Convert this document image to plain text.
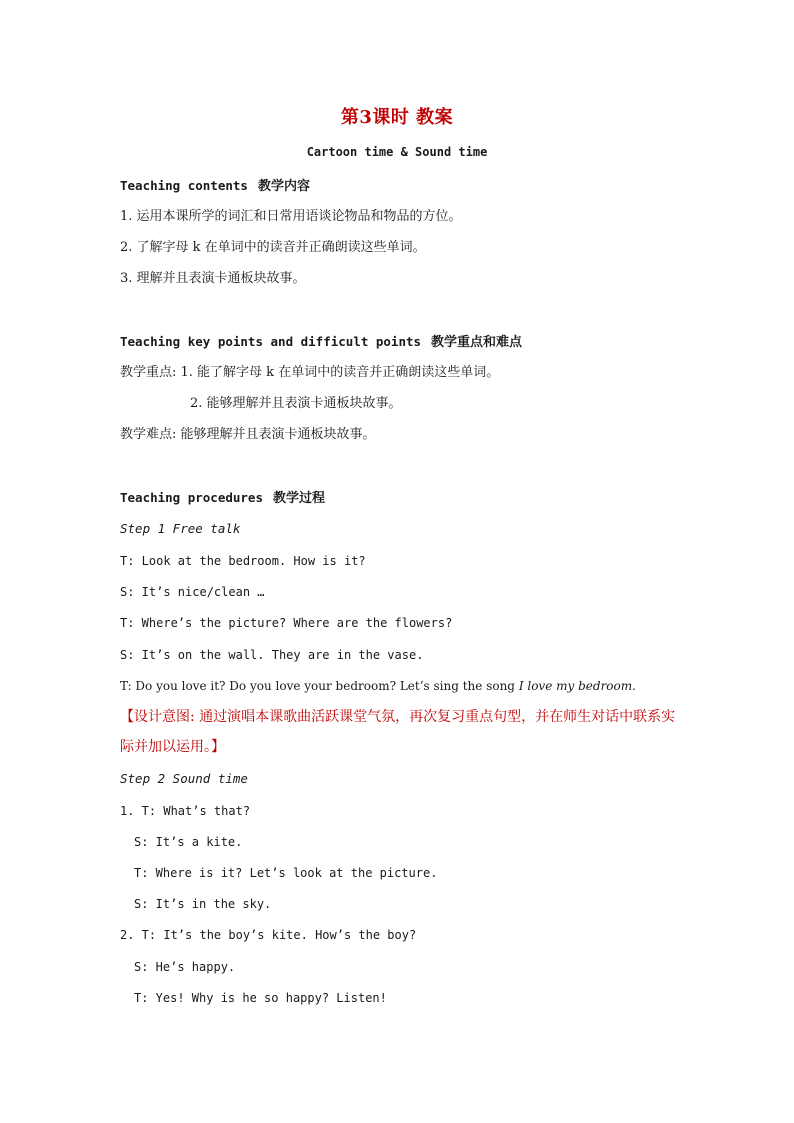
第3课时 教案
Cartoon time & Sound time
Teaching contents 教学内容
1. 运用本课所学的词汇和日常用语谈论物品和物品的方位。
2. 了解字母 k 在单词中的读音并正确朗读这些单词。
3. 理解并且表演卡通板块故事。
Teaching key points and difficult points 教学重点和难点
教学重点: 1. 能了解字母 k 在单词中的读音并正确朗读这些单词。
2. 能够理解并且表演卡通板块故事。
教学难点: 能够理解并且表演卡通板块故事。
Teaching procedures 教学过程
Step 1 Free talk
T: Look at the bedroom. How is it?
S: It’s nice/clean …
T: Where’s the picture? Where are the flowers?
S: It’s on the wall. They are in the vase.
T: Do you love it? Do you love your bedroom? Let’s sing the song I love my bedroom.
【设计意图: 通过演唱本课歌曲活跃课堂气氛，再次复习重点句型，并在师生对话中联系实际并加以运用。】
Step 2 Sound time
1. T: What’s that?
S: It’s a kite.
T: Where is it? Let’s look at the picture.
S: It’s in the sky.
2. T: It’s the boy’s kite. How’s the boy?
S: He’s happy.
T: Yes! Why is he so happy? Listen!
